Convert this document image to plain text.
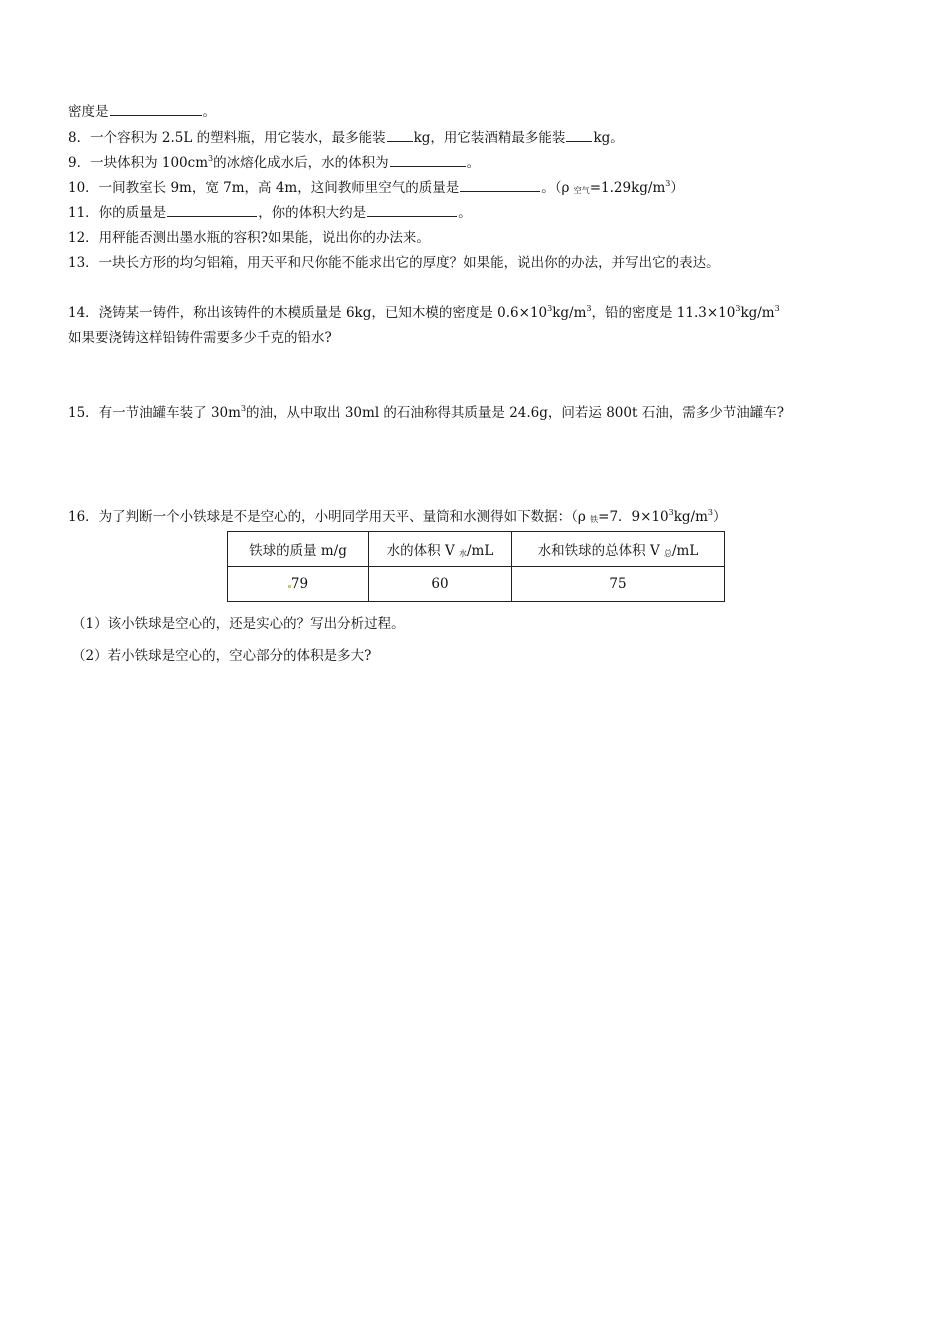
密度是	。
8．一个容积为 2.5L 的塑料瓶，用它装水，最多能装 kg，用它装酒精最多能装 kg。
9．一块体积为 $100cm^3$的冰熔化成水后，水的体积为	。
10．一间教室长 9m，宽 7m，高 4m，这间教师里空气的质量是	。（ρ $_{空气}=1.29kg/m^3$）
11．你的质量是	，你的体积大约是	。
12．用秤能否测出墨水瓶的容积?如果能，说出你的办法来。
13．一块长方形的均匀铝箱，用天平和尺你能不能求出它的厚度？如果能，说出你的办法，并写出它的表达。
14．浇铸某一铸件，称出该铸件的木模质量是 6kg，已知木模的密度是 $0.6\times 10^3kg/m^3$，铅的密度是 $11.3\times 10^3kg/m^3$
如果要浇铸这样铅铸件需要多少千克的铅水?
15．有一节油罐车装了 $30m^3$的油，从中取出 30ml 的石油称得其质量是 24.6g，问若运 800t 石油，需多少节油罐车?
16．为了判断一个小铁球是不是空心的，小明同学用天平、量筒和水测得如下数据：（ρ $_铁$=7．$9\times 10^3kg/m^3$）
铁球的质量 m/g	水的体积 V $_水$/mL	水和铁球的总体积 V $_总$/mL
79	60	75
（1）该小铁球是空心的，还是实心的？写出分析过程。
（2）若小铁球是空心的，空心部分的体积是多大?
